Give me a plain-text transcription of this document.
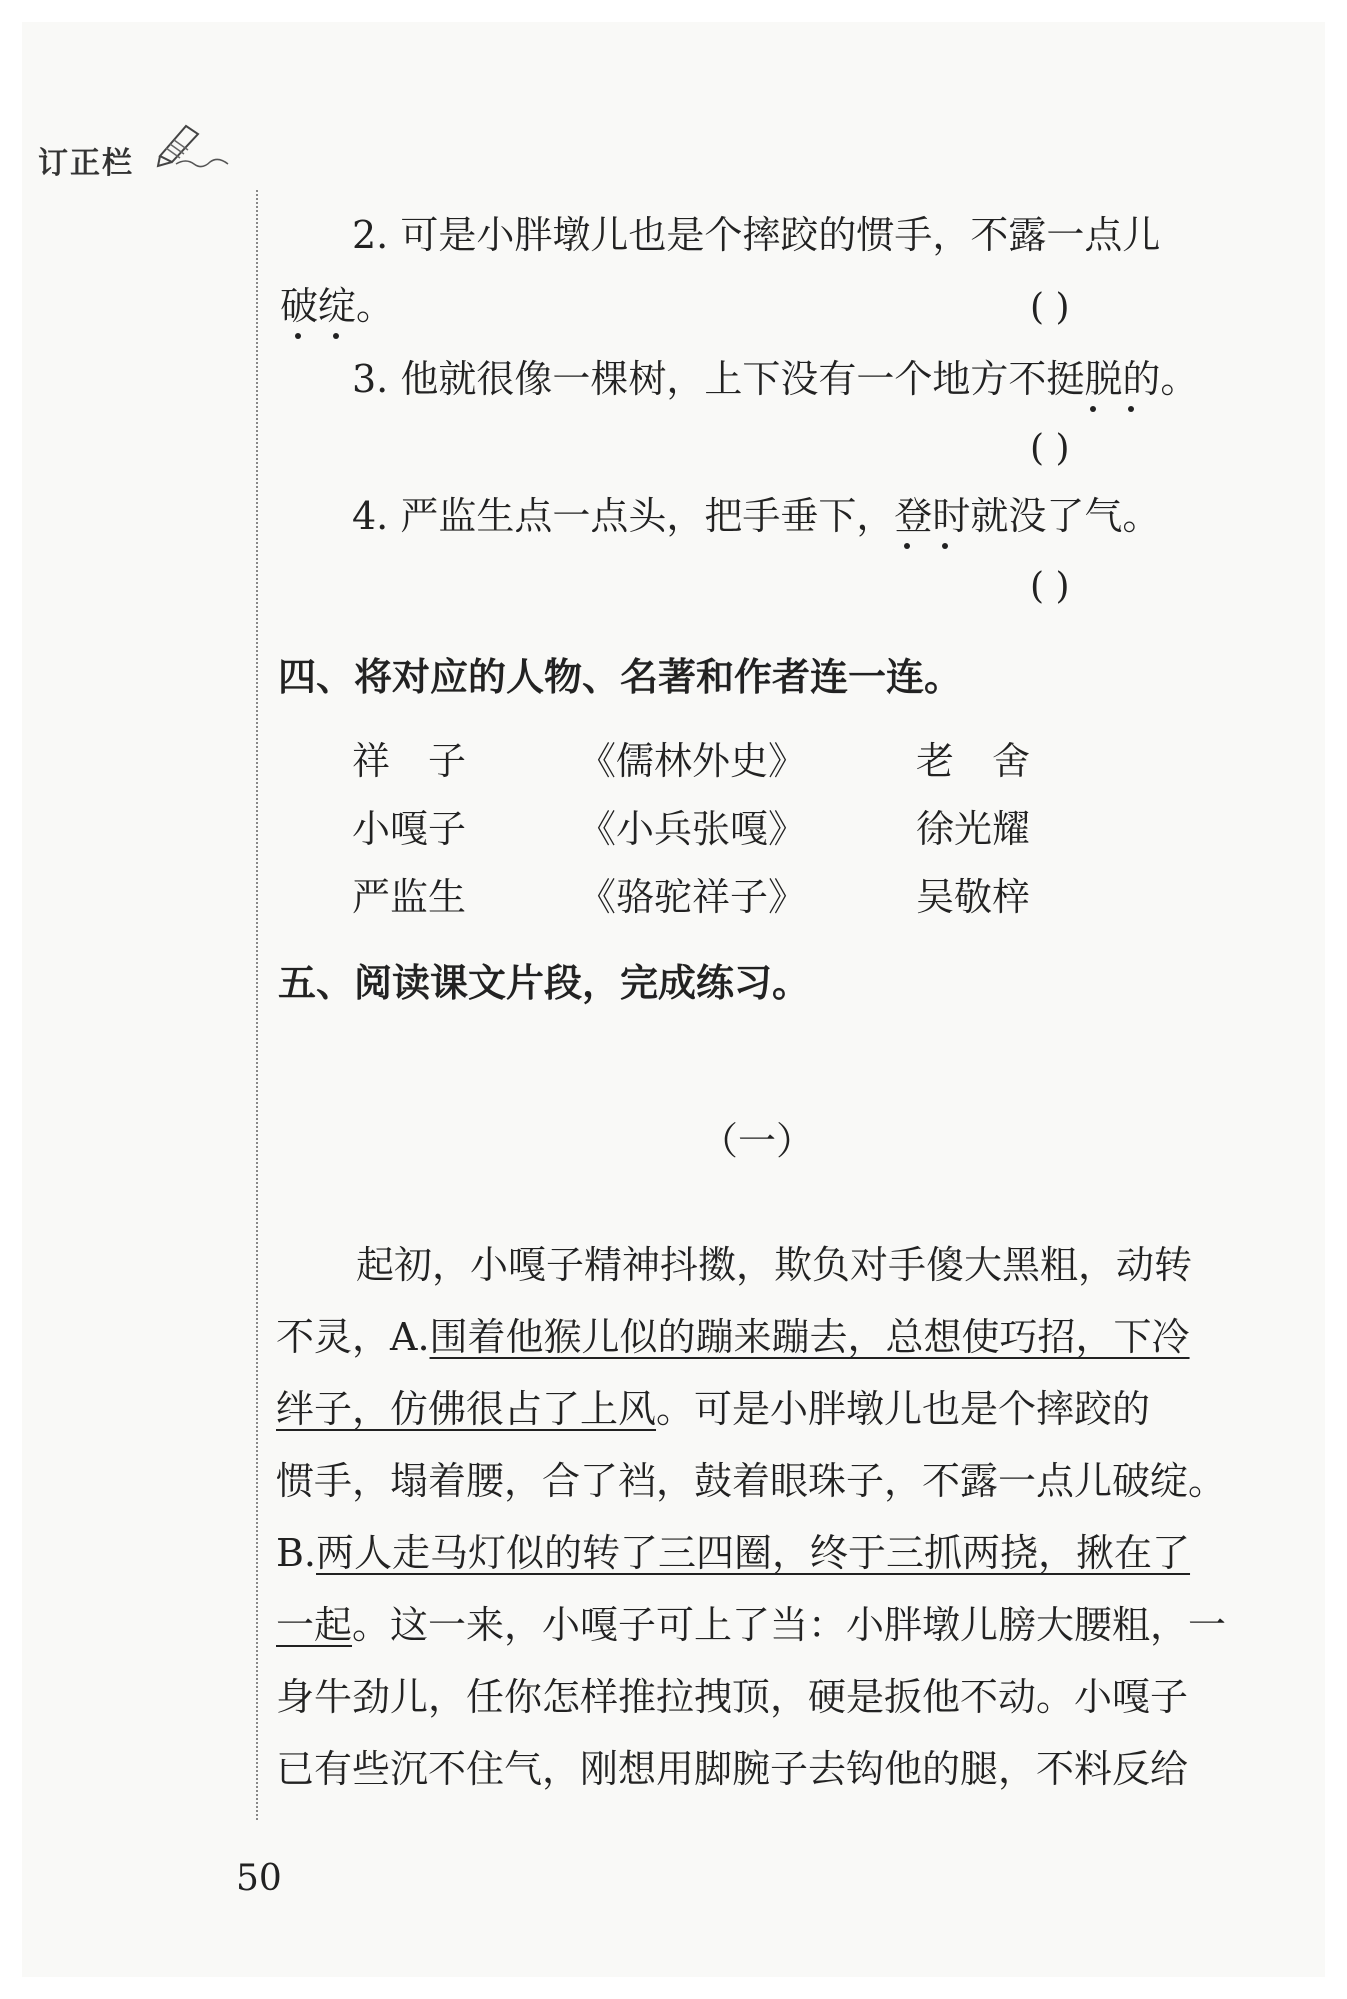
订正栏
2. 可是小胖墩儿也是个摔跤的惯手，不露一点儿
破绽。	( )
3. 他就很像一棵树，上下没有一个地方不挺脱的。
( )
4. 严监生点一点头，把手垂下，登时就没了气。
( )
四、将对应的人物、名著和作者连一连。
祥　子
小嘎子
严监生
《儒林外史》
《小兵张嘎》
《骆驼祥子》
老　舍
徐光耀
吴敬梓
五、阅读课文片段，完成练习。
（一）
　　起初，小嘎子精神抖擞，欺负对手傻大黑粗，动转
不灵，A.围着他猴儿似的蹦来蹦去，总想使巧招，下冷
绊子，仿佛很占了上风。可是小胖墩儿也是个摔跤的
惯手，塌着腰，合了裆，鼓着眼珠子，不露一点儿破绽。
B.两人走马灯似的转了三四圈，终于三抓两挠，揪在了
一起。这一来，小嘎子可上了当：小胖墩儿膀大腰粗，一
身牛劲儿，任你怎样推拉拽顶，硬是扳他不动。小嘎子
已有些沉不住气，刚想用脚腕子去钩他的腿，不料反给
50
